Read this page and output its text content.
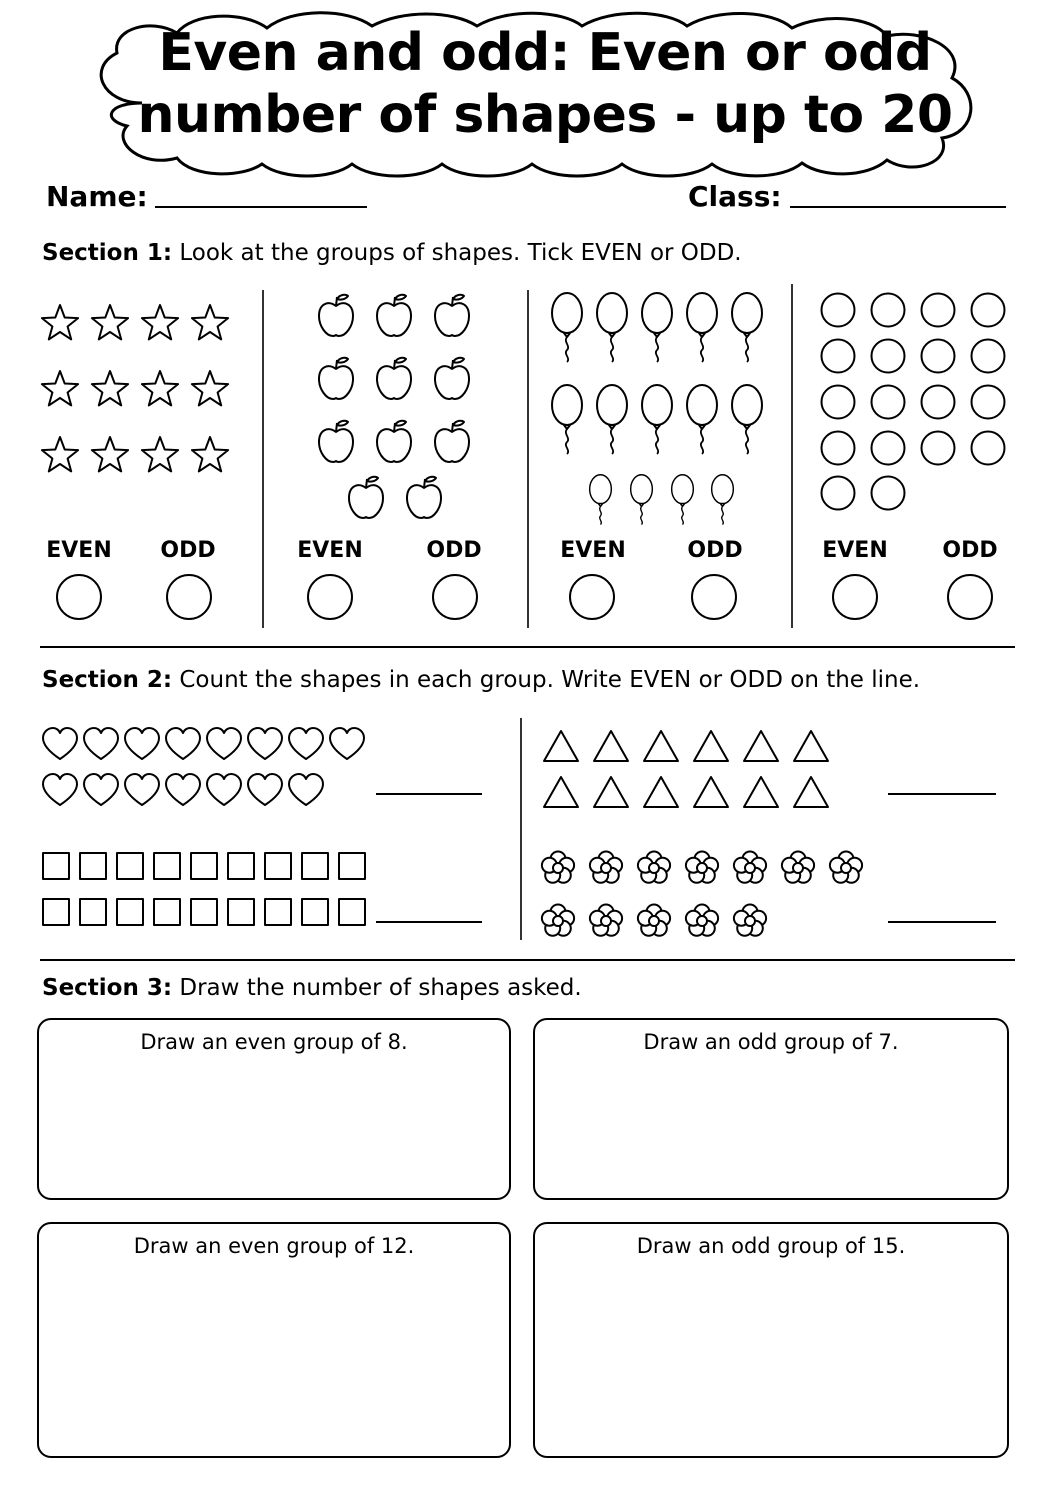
Even and odd: Even or odd
number of shapes - up to 20
Name:	Class:
Section 1: Look at the groups of shapes. Tick EVEN or ODD.
EVEN	ODD	EVEN	ODD	EVEN	ODD	EVEN	ODD
Section 2: Count the shapes in each group. Write EVEN or ODD on the line.
Section 3: Draw the number of shapes asked.
Draw an even group of 8.	Draw an odd group of 7.
Draw an even group of 12.	Draw an odd group of 15.
